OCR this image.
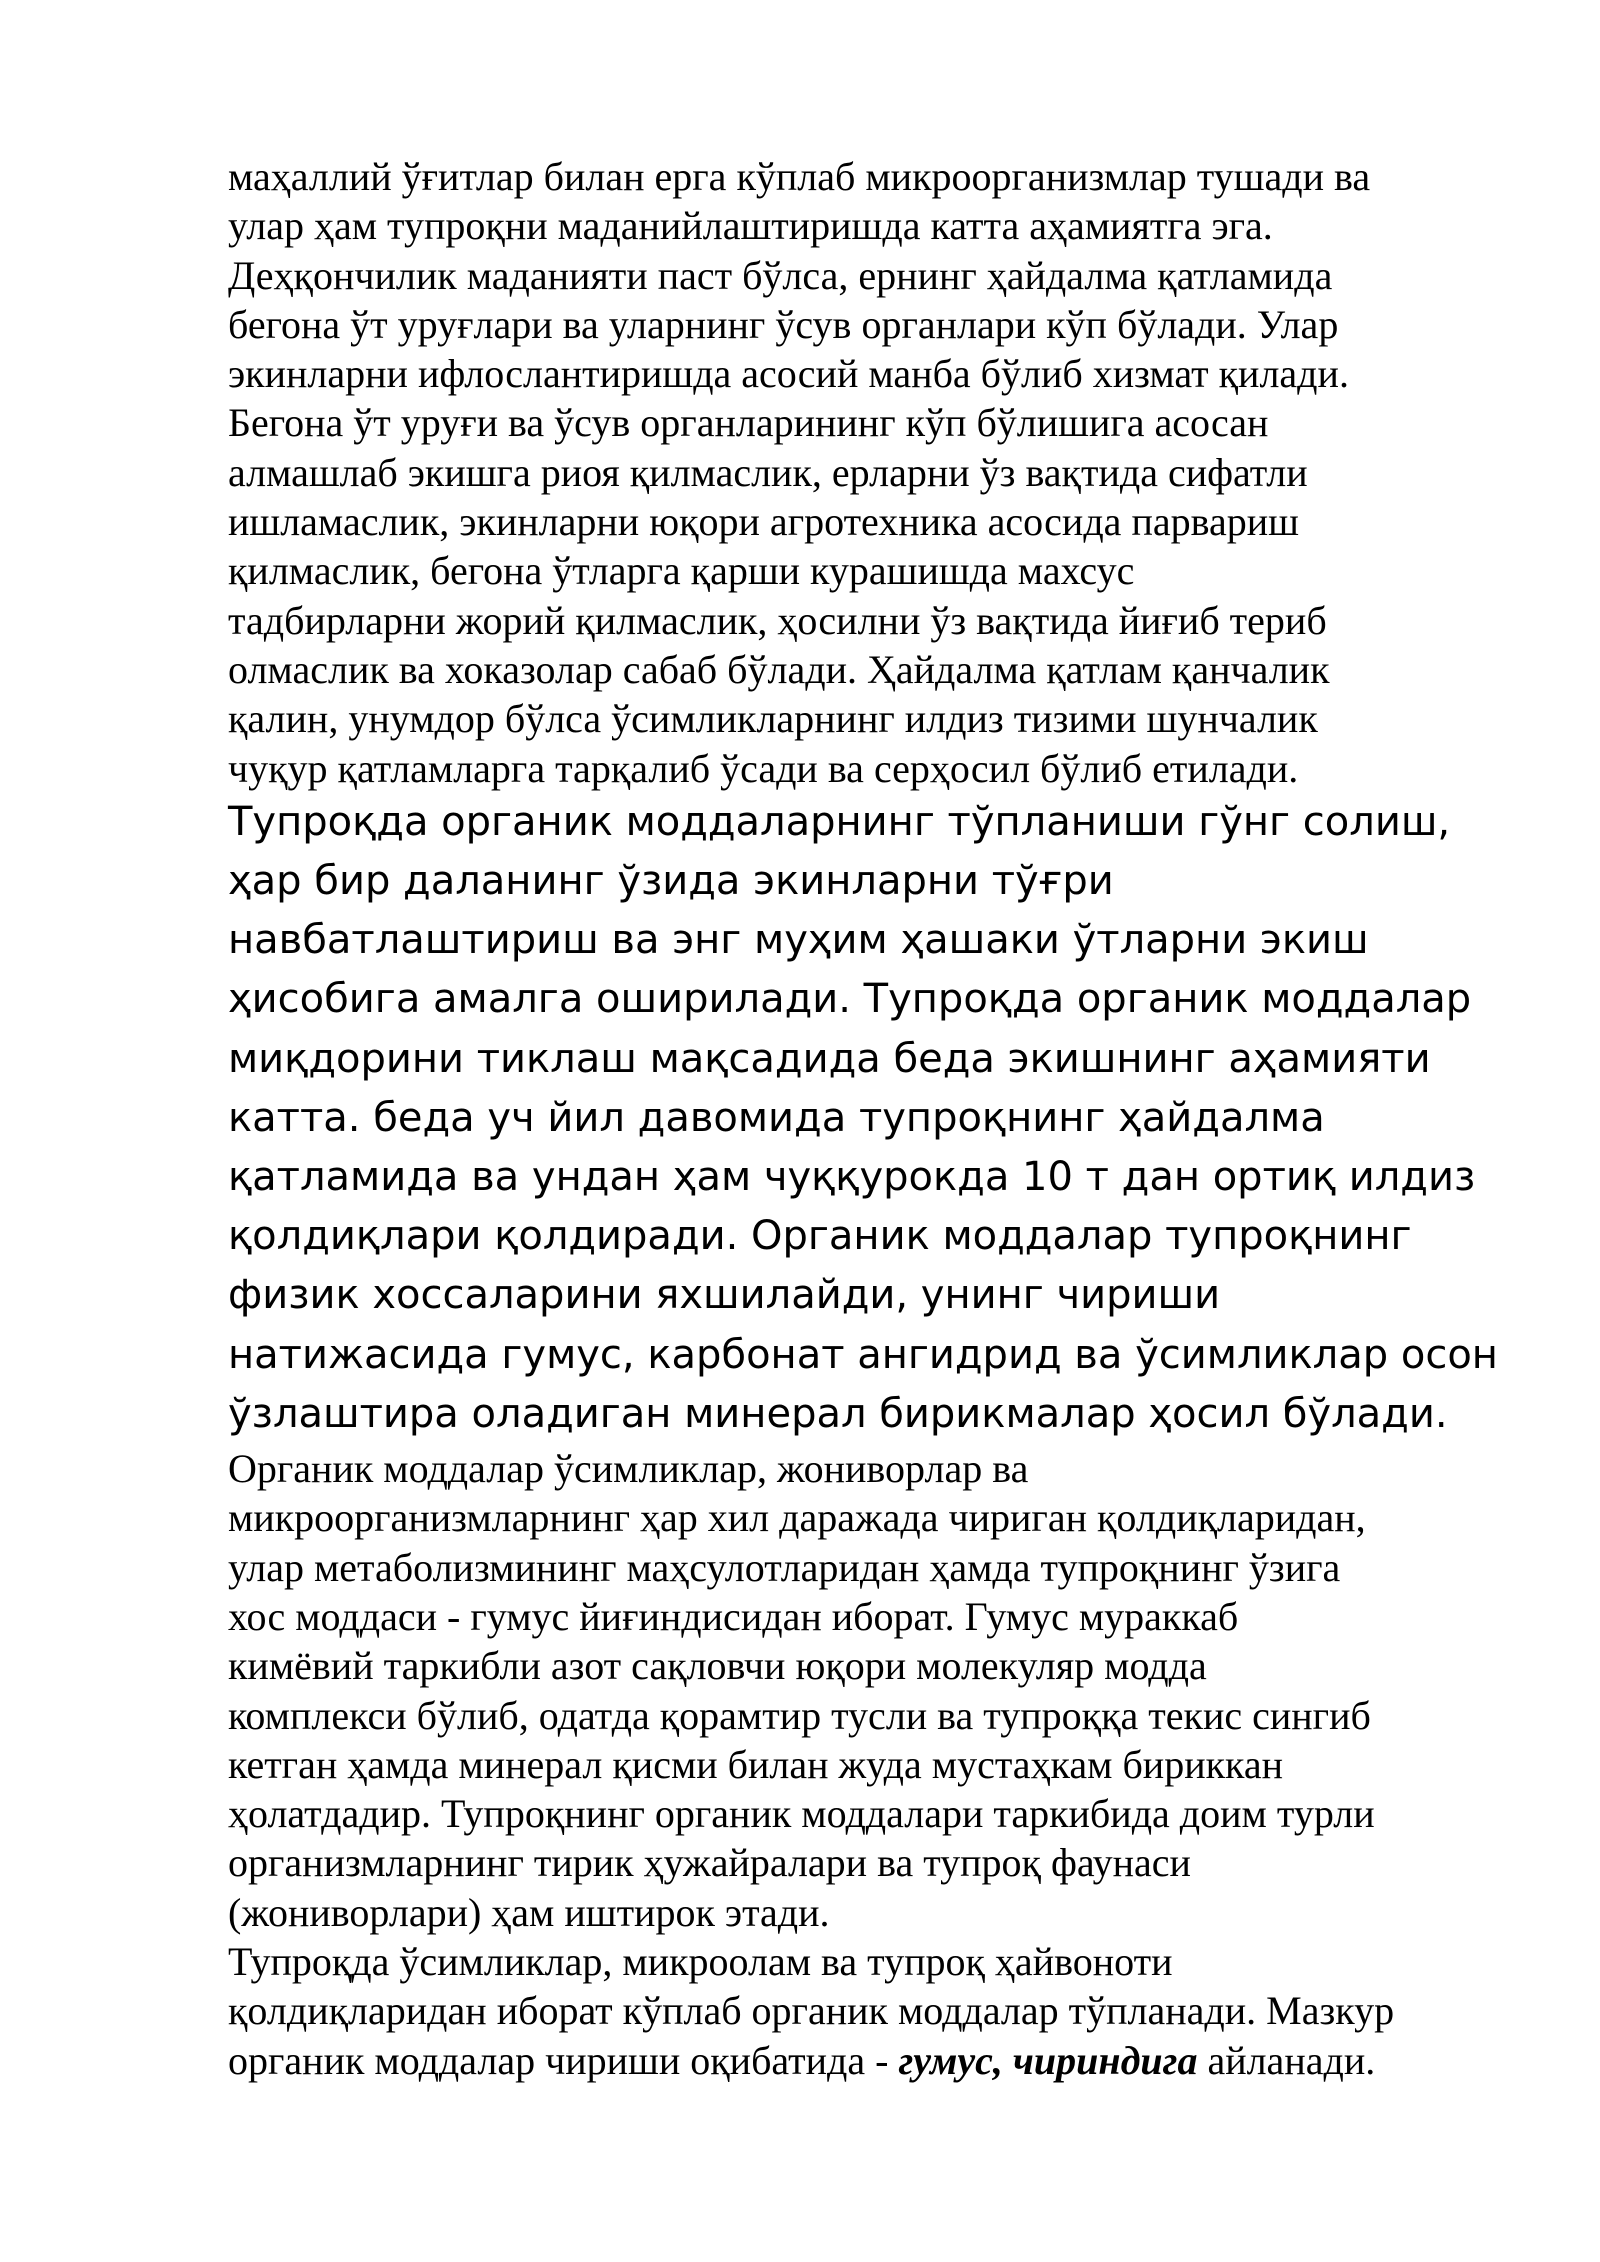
маҳаллий ўғитлар билан ерга кўплаб микроорганизмлар тушади ва
улар ҳам тупроқни маданийлаштиришда катта аҳамиятга эга.
Деҳқончилик маданияти паст бўлса, ернинг ҳайдалма қатламида
бегона ўт уруғлари ва уларнинг ўсув органлари кўп бўлади. Улар
экинларни ифлослантиришда асосий манба бўлиб хизмат қилади.
Бегона ўт уруғи ва ўсув органларининг кўп бўлишига асосан
алмашлаб экишга риоя қилмаслик, ерларни ўз вақтида сифатли
ишламаслик, экинларни юқори агротехника асосида парвариш
қилмаслик, бегона ўтларга қарши курашишда махсус
тадбирларни жорий қилмаслик, ҳосилни ўз вақтида йиғиб териб
олмаслик ва хоказолар сабаб бўлади. Ҳайдалма қатлам қанчалик
қалин, унумдор бўлса ўсимликларнинг илдиз тизими шунчалик
чуқур қатламларга тарқалиб ўсади ва серҳосил бўлиб етилади.
Тупроқда органик моддаларнинг тўпланиши гўнг солиш,
ҳар бир даланинг ўзида экинларни тўғри
навбатлаштириш ва энг муҳим ҳашаки ўтларни экиш
ҳисобига амалга оширилади. Тупроқда органик моддалар
миқдорини тиклаш мақсадида беда экишнинг аҳамияти
катта. беда уч йил давомида тупроқнинг ҳайдалма
қатламида ва ундан ҳам чуққурокда 10 т дан ортиқ илдиз
қолдиқлари қолдиради. Органик моддалар тупроқнинг
физик хоссаларини яхшилайди, унинг чириши
натижасида гумус, карбонат ангидрид ва ўсимликлар осон
ўзлаштира оладиган минерал бирикмалар ҳосил бўлади.
Органик моддалар ўсимликлар, жониворлар ва
микроорганизмларнинг ҳар хил даражада чириган қолдиқларидан,
улар метаболизмининг маҳсулотларидан ҳамда тупроқнинг ўзига
хос моддаси - гумус йиғиндисидан иборат. Гумус мураккаб
кимёвий таркибли азот сақловчи юқори молекуляр модда
комплекси бўлиб, одатда қорамтир тусли ва тупроққа текис сингиб
кетган ҳамда минерал қисми билан жуда мустаҳкам бириккан
ҳолатдадир. Тупроқнинг органик моддалари таркибида доим турли
организмларнинг тирик ҳужайралари ва тупроқ фаунаси
(жониворлари) ҳам иштирок этади.
Тупроқда ўсимликлар, микроолам ва тупроқ ҳайвоноти
қолдиқларидан иборат кўплаб органик моддалар тўпланади. Мазкур
органик моддалар чириши оқибатида - гумус, чириндига айланади.
